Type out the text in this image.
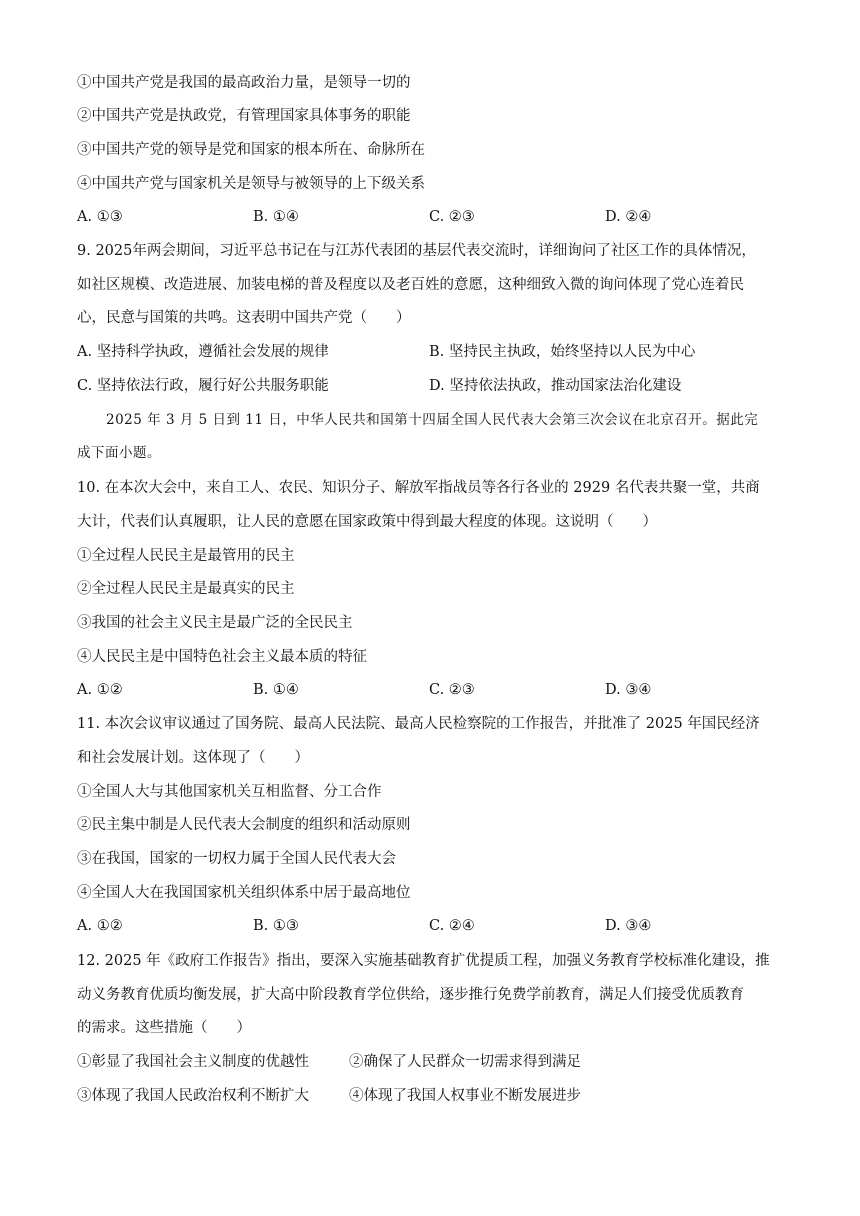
①中国共产党是我国的最高政治力量，是领导一切的
②中国共产党是执政党，有管理国家具体事务的职能
③中国共产党的领导是党和国家的根本所在、命脉所在
④中国共产党与国家机关是领导与被领导的上下级关系
A. ①③	B. ①④	C. ②③	D. ②④
9. 2025年两会期间，习近平总书记在与江苏代表团的基层代表交流时，详细询问了社区工作的具体情况，
如社区规模、改造进展、加装电梯的普及程度以及老百姓的意愿，这种细致入微的询问体现了党心连着民
心，民意与国策的共鸣。这表明中国共产党（　　）
A. 坚持科学执政，遵循社会发展的规律	B. 坚持民主执政，始终坚持以人民为中心
C. 坚持依法行政，履行好公共服务职能	D. 坚持依法执政，推动国家法治化建设
2025 年 3 月 5 日到 11 日，中华人民共和国第十四届全国人民代表大会第三次会议在北京召开。据此完
成下面小题。
10. 在本次大会中，来自工人、农民、知识分子、解放军指战员等各行各业的 2929 名代表共聚一堂，共商
大计，代表们认真履职，让人民的意愿在国家政策中得到最大程度的体现。这说明（　　）
①全过程人民民主是最管用的民主
②全过程人民民主是最真实的民主
③我国的社会主义民主是最广泛的全民民主
④人民民主是中国特色社会主义最本质的特征
A. ①②	B. ①④	C. ②③	D. ③④
11. 本次会议审议通过了国务院、最高人民法院、最高人民检察院的工作报告，并批准了 2025 年国民经济
和社会发展计划。这体现了（　　）
①全国人大与其他国家机关互相监督、分工合作
②民主集中制是人民代表大会制度的组织和活动原则
③在我国，国家的一切权力属于全国人民代表大会
④全国人大在我国国家机关组织体系中居于最高地位
A. ①②	B. ①③	C. ②④	D. ③④
12. 2025 年《政府工作报告》指出，要深入实施基础教育扩优提质工程，加强义务教育学校标准化建设，推
动义务教育优质均衡发展，扩大高中阶段教育学位供给，逐步推行免费学前教育，满足人们接受优质教育
的需求。这些措施（　　）
①彰显了我国社会主义制度的优越性	②确保了人民群众一切需求得到满足
③体现了我国人民政治权利不断扩大	④体现了我国人权事业不断发展进步
